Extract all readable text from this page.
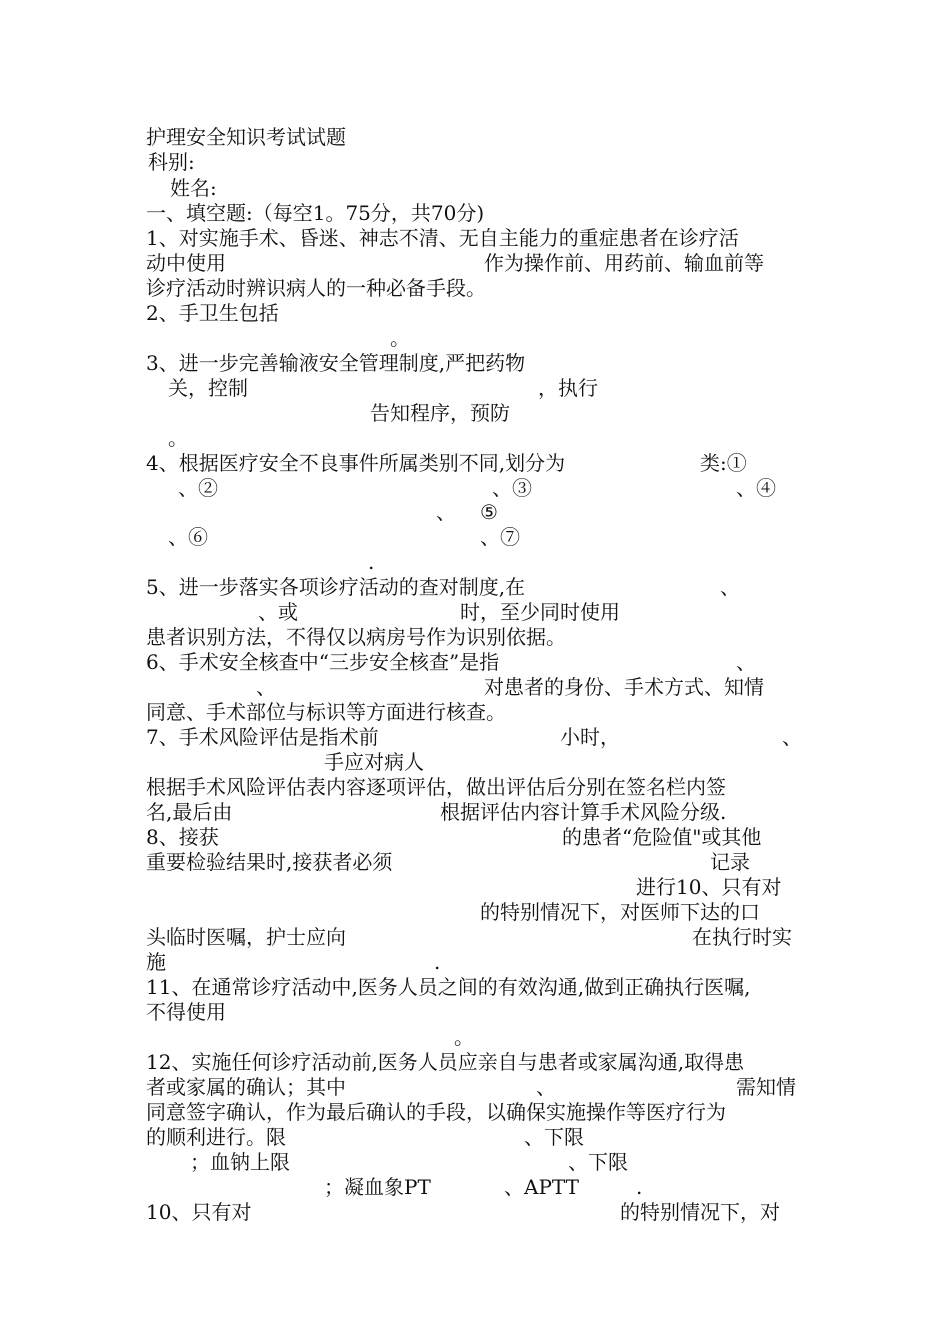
护理安全知识考试试题
科别:
姓名:
一、填空题:（每空1。75分，共70分)
1、对实施手术、昏迷、神志不清、无自主能力的重症患者在诊疗活
动中使用	作为操作前、用药前、输血前等
诊疗活动时辨识病人的一种必备手段。
2、手卫生包括
。
3、进一步完善输液安全管理制度,严把药物
关，控制	，执行
告知程序，预防
。
4、根据医疗安全不良事件所属类别不同,划分为	类:①
、②	、③	、④
、 ⑤
、⑥	、⑦
.
5、进一步落实各项诊疗活动的查对制度,在	、
、或	时，至少同时使用
患者识别方法，不得仅以病房号作为识别依据。
6、手术安全核查中“三步安全核查”是指	、
、	对患者的身份、手术方式、知情
同意、手术部位与标识等方面进行核查。
7、手术风险评估是指术前	小时，	、
手应对病人
根据手术风险评估表内容逐项评估，做出评估后分别在签名栏内签
名,最后由	根据评估内容计算手术风险分级.
8、接获	的患者“危险值"或其他
重要检验结果时,接获者必须	记录
进行10、只有对
的特别情况下，对医师下达的口
头临时医嘱，护士应向	在执行时实
施	.
11、在通常诊疗活动中,医务人员之间的有效沟通,做到正确执行医嘱,
不得使用
。
12、实施任何诊疗活动前,医务人员应亲自与患者或家属沟通,取得患
者或家属的确认；其中	、	需知情
同意签字确认，作为最后确认的手段，以确保实施操作等医疗行为
的顺利进行。限	、下限
；血钠上限	、下限
；凝血象PT	、APTT	.
10、只有对	的特别情况下，对
